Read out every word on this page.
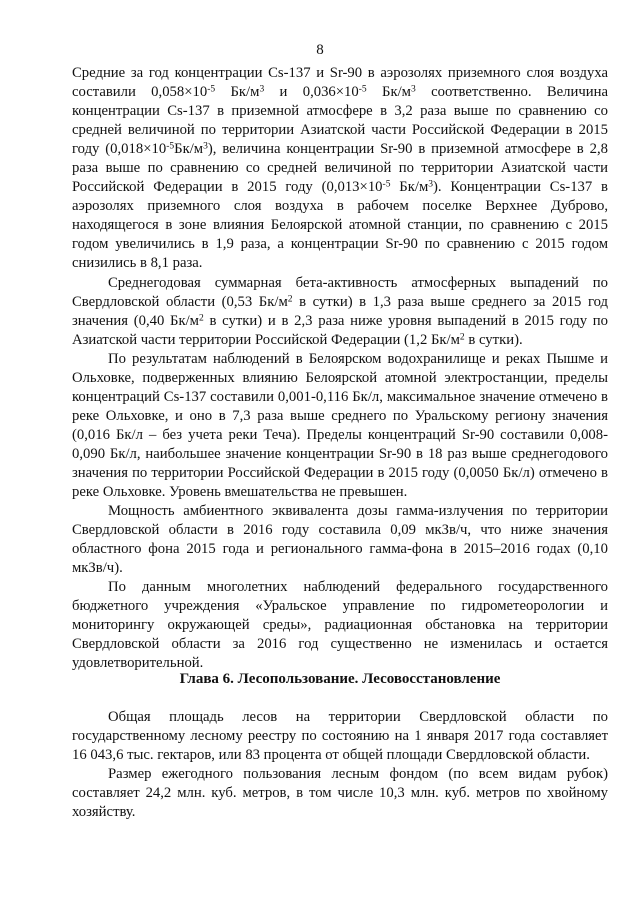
8

Средние за год концентрации Cs-137 и Sr-90 в аэрозолях приземного слоя воздуха составили $0,058\times 10^{-5}$ $Бк/м^3$ и $0,036\times 10^{-5}$ $Бк/м^3$ соответственно. Величина концентрации Cs-137 в приземной атмосфере в 3,2 раза выше по сравнению со средней величиной по территории Азиатской части Российской Федерации в 2015 году $(0,018\times 10^{-5}Бк/м^3)$, величина концентрации Sr-90 в приземной атмосфере в 2,8 раза выше по сравнению со средней величиной по территории Азиатской части Российской Федерации в 2015 году ($0,013\times 10^{-5}$ $Бк/м^3$). Концентрации Cs-137 в аэрозолях приземного слоя воздуха в рабочем поселке Верхнее Дуброво, находящегося в зоне влияния Белоярской атомной станции, по сравнению с 2015 годом увеличились в 1,9 раза, а концентрации Sr-90 по сравнению с 2015 годом снизились в 8,1 раза.

Среднегодовая суммарная бета-активность атмосферных выпадений по Свердловской области (0,53 $Бк/м^2$ в сутки) в 1,3 раза выше среднего за 2015 год значения (0,40 $Бк/м^2$ в сутки) и в 2,3 раза ниже уровня выпадений в 2015 году по Азиатской части территории Российской Федерации (1,2 $Бк/м^2$ в сутки).

По результатам наблюдений в Белоярском водохранилище и реках Пышме и Ольховке, подверженных влиянию Белоярской атомной электростанции, пределы концентраций Cs-137 составили 0,001-0,116 Бк/л, максимальное значение отмечено в реке Ольховке, и оно в 7,3 раза выше среднего по Уральскому региону значения (0,016 Бк/л – без учета реки Теча). Пределы концентраций Sr-90 составили 0,008-0,090 Бк/л, наибольшее значение концентрации Sr-90 в 18 раз выше среднегодового значения по территории Российской Федерации в 2015 году (0,0050 Бк/л) отмечено в реке Ольховке. Уровень вмешательства не превышен.

Мощность амбиентного эквивалента дозы гамма-излучения по территории Свердловской области в 2016 году составила 0,09 мкЗв/ч, что ниже значения областного фона 2015 года и регионального гамма-фона в 2015–2016 годах (0,10 мкЗв/ч).

По данным многолетних наблюдений федерального государственного бюджетного учреждения «Уральское управление по гидрометеорологии и мониторингу окружающей среды», радиационная обстановка на территории Свердловской области за 2016 год существенно не изменилась и остается удовлетворительной.

Глава 6. Лесопользование. Лесовосстановление

Общая площадь лесов на территории Свердловской области по государственному лесному реестру по состоянию на 1 января 2017 года составляет 16 043,6 тыс. гектаров, или 83 процента от общей площади Свердловской области.

Размер ежегодного пользования лесным фондом (по всем видам рубок) составляет 24,2 млн. куб. метров, в том числе 10,3 млн. куб. метров по хвойному хозяйству.
